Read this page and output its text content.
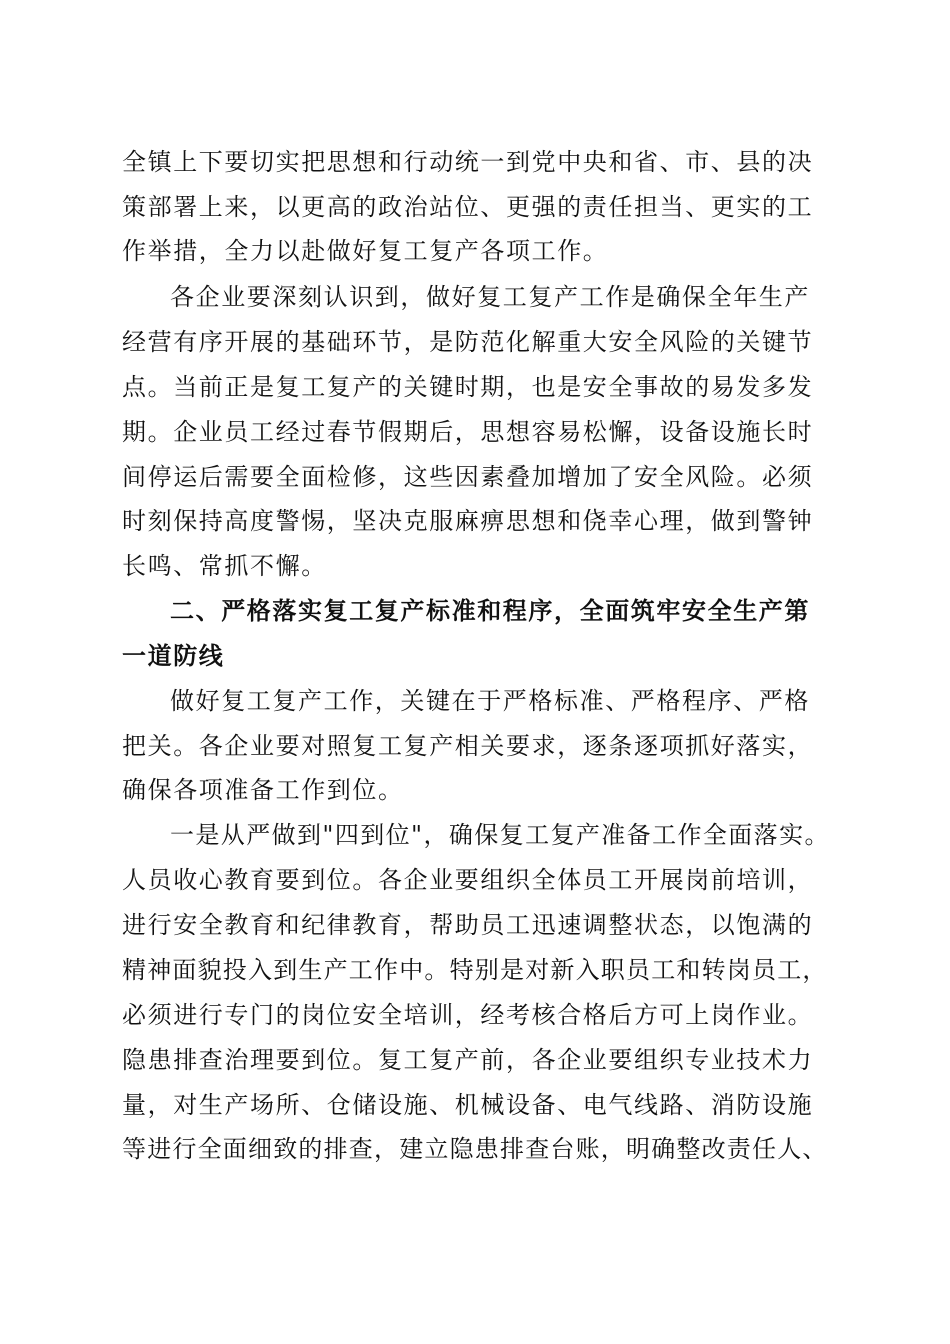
全镇上下要切实把思想和行动统一到党中央和省、市、县的决
策部署上来，以更高的政治站位、更强的责任担当、更实的工
作举措，全力以赴做好复工复产各项工作。
各企业要深刻认识到，做好复工复产工作是确保全年生产
经营有序开展的基础环节，是防范化解重大安全风险的关键节
点。当前正是复工复产的关键时期，也是安全事故的易发多发
期。企业员工经过春节假期后，思想容易松懈，设备设施长时
间停运后需要全面检修，这些因素叠加增加了安全风险。必须
时刻保持高度警惕，坚决克服麻痹思想和侥幸心理，做到警钟
长鸣、常抓不懈。
二、严格落实复工复产标准和程序，全面筑牢安全生产第
一道防线
做好复工复产工作，关键在于严格标准、严格程序、严格
把关。各企业要对照复工复产相关要求，逐条逐项抓好落实，
确保各项准备工作到位。
一是从严做到"四到位"，确保复工复产准备工作全面落实。
人员收心教育要到位。各企业要组织全体员工开展岗前培训，
进行安全教育和纪律教育，帮助员工迅速调整状态，以饱满的
精神面貌投入到生产工作中。特别是对新入职员工和转岗员工，
必须进行专门的岗位安全培训，经考核合格后方可上岗作业。
隐患排查治理要到位。复工复产前，各企业要组织专业技术力
量，对生产场所、仓储设施、机械设备、电气线路、消防设施
等进行全面细致的排查，建立隐患排查台账，明确整改责任人、
